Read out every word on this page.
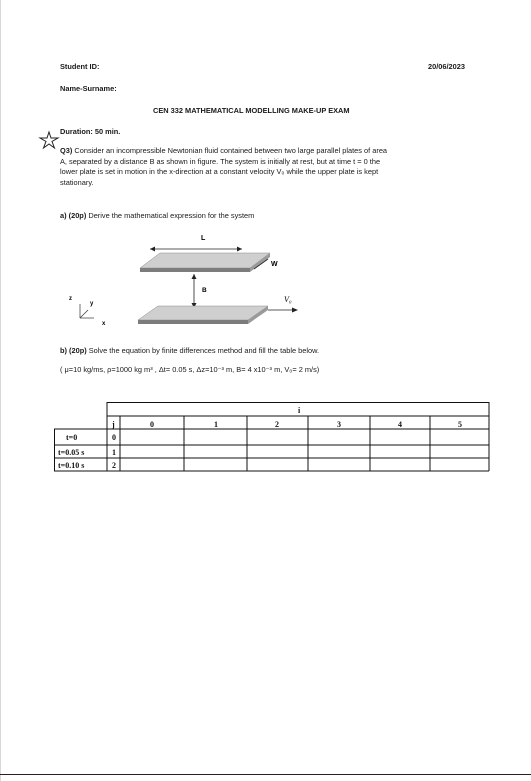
Student ID:	20/06/2023
Name-Surname:
CEN 332 MATHEMATICAL MODELLING MAKE-UP EXAM
Duration: 50 min.
Q3) Consider an incompressible Newtonian fluid contained between two large parallel plates of area
A, separated by a distance B as shown in figure. The system is initially at rest, but at time t = 0 the
lower plate is set in motion in the x-direction at a constant velocity V₀ while the upper plate is kept
stationary.
a) (20p) Derive the mathematical expression for the system
L
W
B
V₀
z
y
x
b) (20p) Solve the equation by finite differences method and fill the table below.
( μ=10 kg/ms, ρ=1000 kg m³ , Δt= 0.05 s, Δz=10⁻³ m, B= 4 x10⁻³ m, V₀= 2 m/s)
i
j	0	1	2	3	4	5
t=0	0
t=0.05 s	1
t=0.10 s	2
